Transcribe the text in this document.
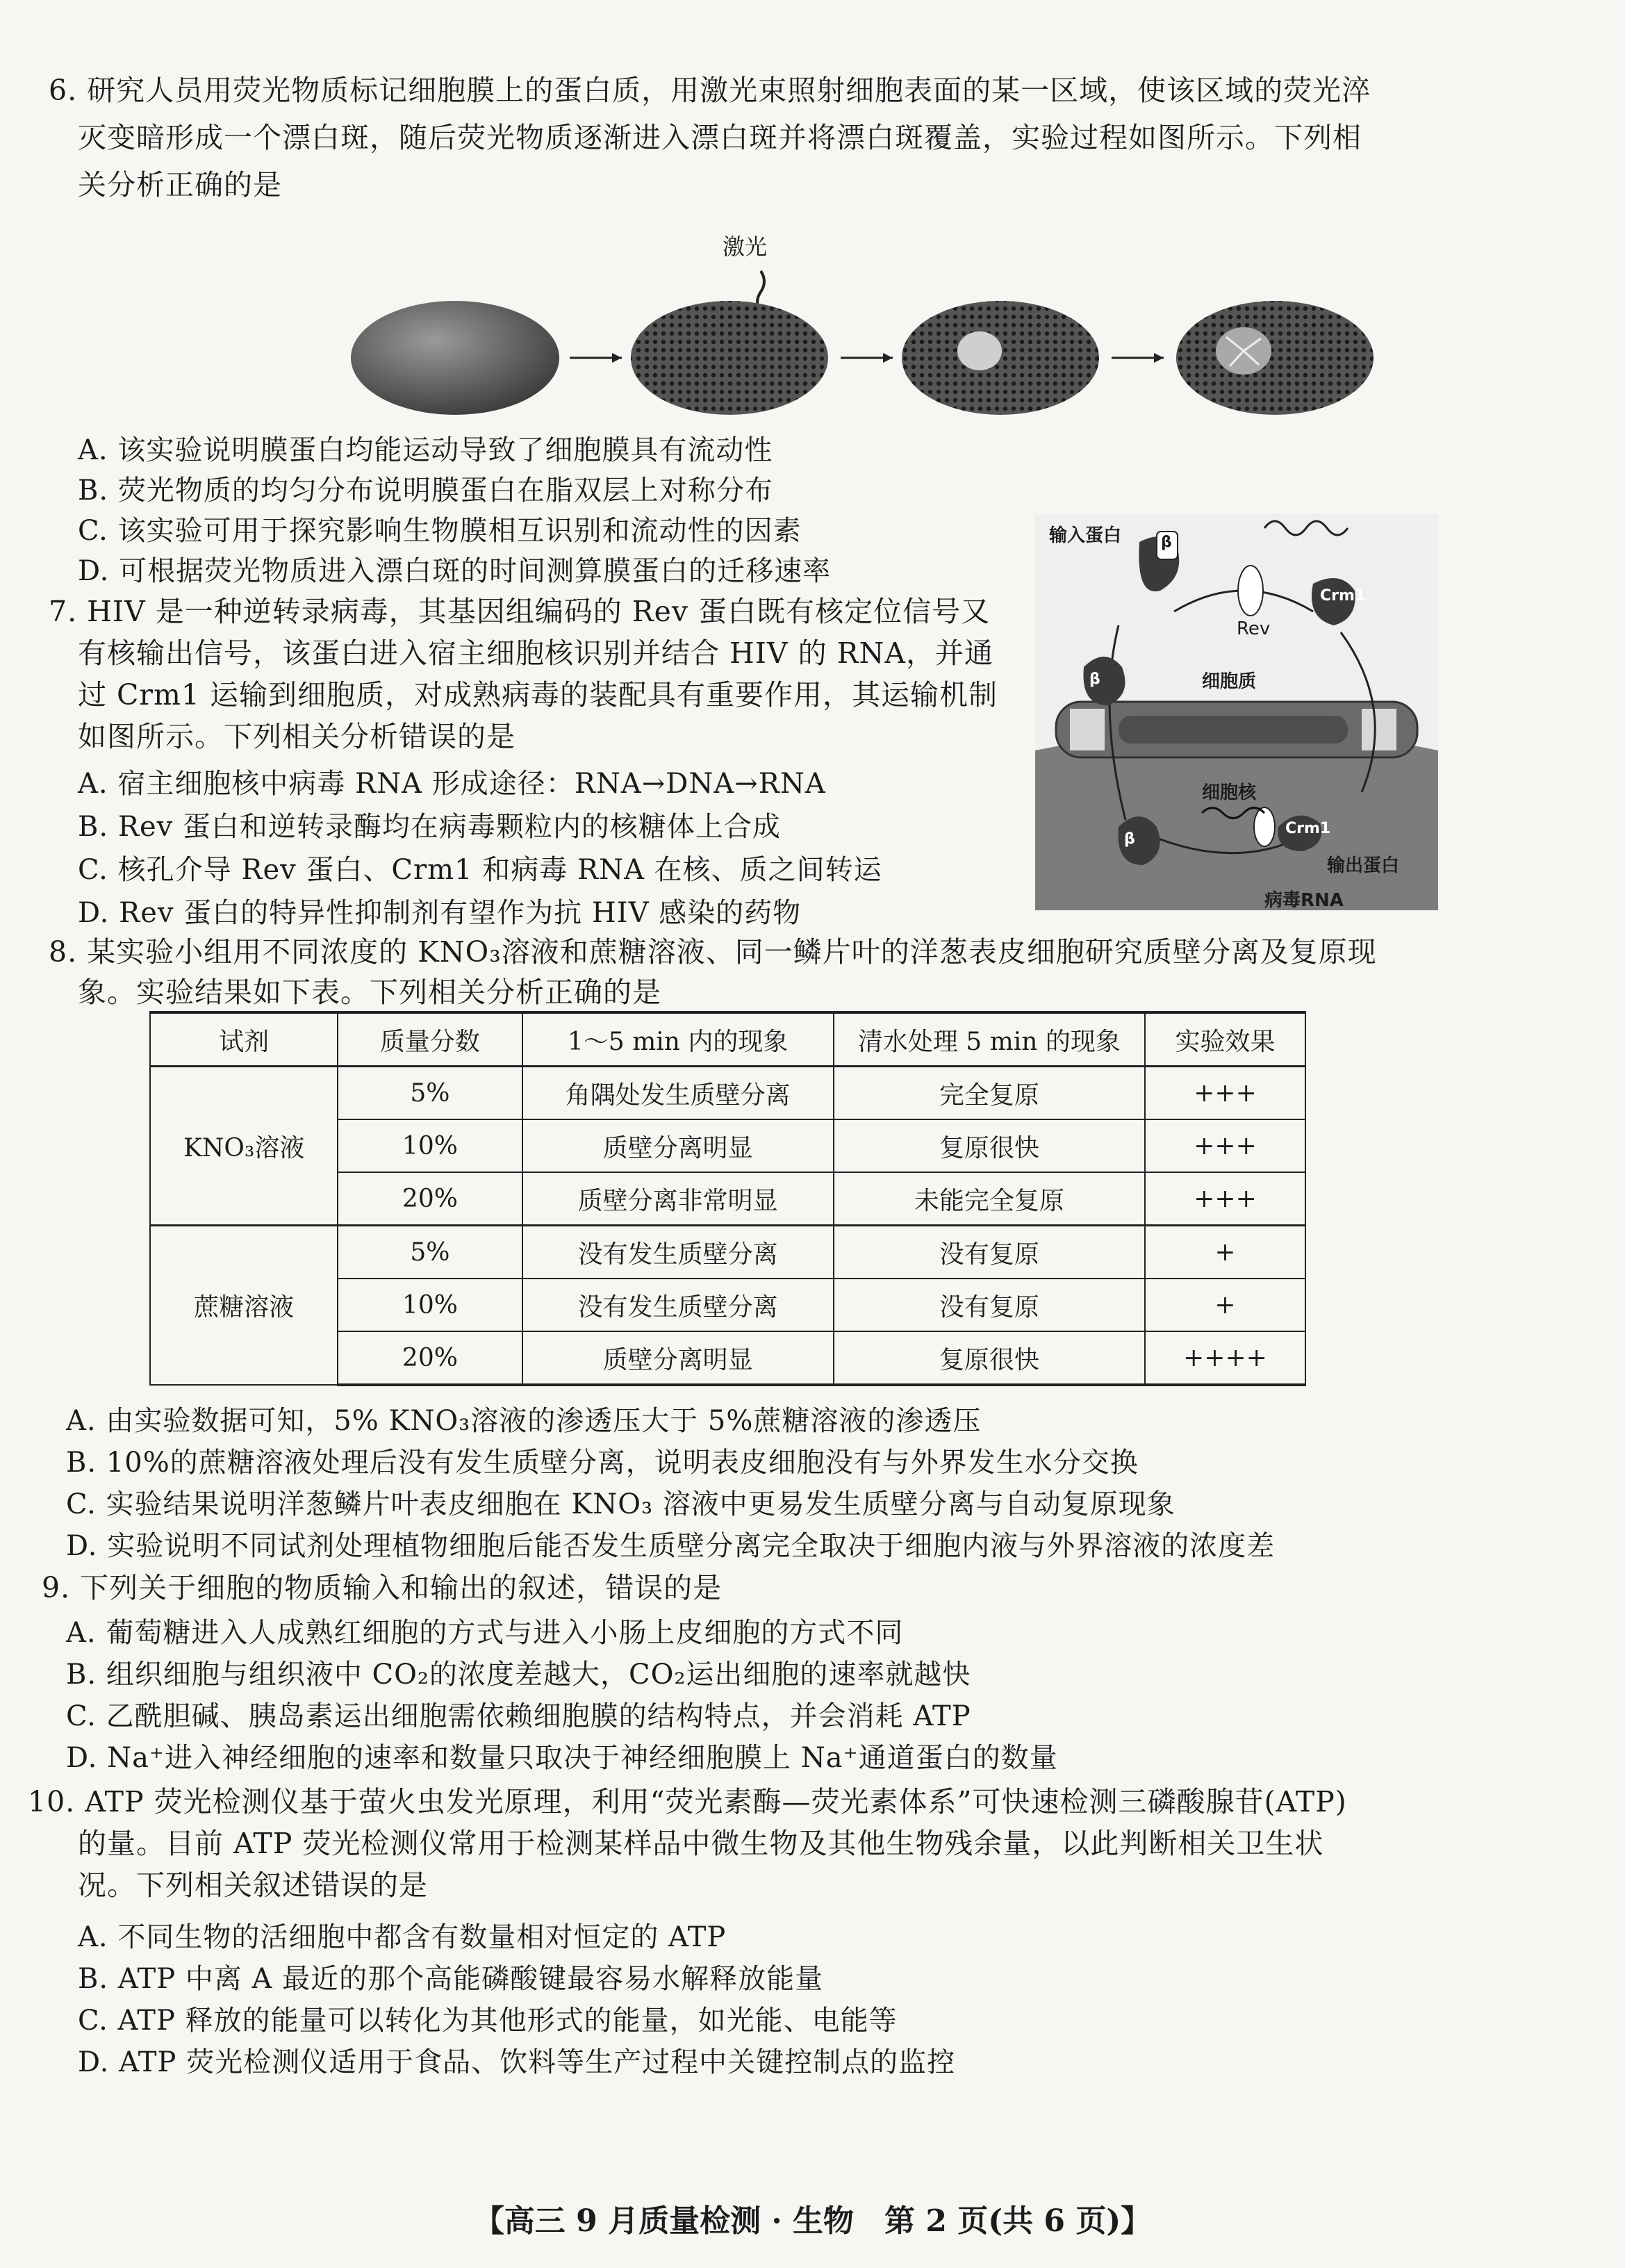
6. 研究人员用荧光物质标记细胞膜上的蛋白质，用激光束照射细胞表面的某一区域，使该区域的荧光淬
灭变暗形成一个漂白斑，随后荧光物质逐渐进入漂白斑并将漂白斑覆盖，实验过程如图所示。下列相
关分析正确的是
激光
A. 该实验说明膜蛋白均能运动导致了细胞膜具有流动性
B. 荧光物质的均匀分布说明膜蛋白在脂双层上对称分布
C. 该实验可用于探究影响生物膜相互识别和流动性的因素
D. 可根据荧光物质进入漂白斑的时间测算膜蛋白的迁移速率
7. HIV 是一种逆转录病毒，其基因组编码的 Rev 蛋白既有核定位信号又
有核输出信号，该蛋白进入宿主细胞核识别并结合 HIV 的 RNA，并通
过 Crm1 运输到细胞质，对成熟病毒的装配具有重要作用，其运输机制
如图所示。下列相关分析错误的是
A. 宿主细胞核中病毒 RNA 形成途径：RNA→DNA→RNA
B. Rev 蛋白和逆转录酶均在病毒颗粒内的核糖体上合成
C. 核孔介导 Rev 蛋白、Crm1 和病毒 RNA 在核、质之间转运
D. Rev 蛋白的特异性抑制剂有望作为抗 HIV 感染的药物
输入蛋白	β
β
β
Rev
Crm1
细胞质
细胞核
Crm1
输出蛋白
病毒RNA
8. 某实验小组用不同浓度的 KNO₃溶液和蔗糖溶液、同一鳞片叶的洋葱表皮细胞研究质壁分离及复原现
象。实验结果如下表。下列相关分析正确的是
试剂	质量分数	1～5 min 内的现象	清水处理 5 min 的现象	实验效果
KNO₃溶液	5%	角隅处发生质壁分离	完全复原	+++
	10%	质壁分离明显	复原很快	+++
	20%	质壁分离非常明显	未能完全复原	+++
蔗糖溶液	5%	没有发生质壁分离	没有复原	+
	10%	没有发生质壁分离	没有复原	+
	20%	质壁分离明显	复原很快	++++
A. 由实验数据可知，5% KNO₃溶液的渗透压大于 5%蔗糖溶液的渗透压
B. 10%的蔗糖溶液处理后没有发生质壁分离，说明表皮细胞没有与外界发生水分交换
C. 实验结果说明洋葱鳞片叶表皮细胞在 KNO₃ 溶液中更易发生质壁分离与自动复原现象
D. 实验说明不同试剂处理植物细胞后能否发生质壁分离完全取决于细胞内液与外界溶液的浓度差
9. 下列关于细胞的物质输入和输出的叙述，错误的是
A. 葡萄糖进入人成熟红细胞的方式与进入小肠上皮细胞的方式不同
B. 组织细胞与组织液中 CO₂的浓度差越大，CO₂运出细胞的速率就越快
C. 乙酰胆碱、胰岛素运出细胞需依赖细胞膜的结构特点，并会消耗 ATP
D. Na⁺进入神经细胞的速率和数量只取决于神经细胞膜上 Na⁺通道蛋白的数量
10. ATP 荧光检测仪基于萤火虫发光原理，利用“荧光素酶—荧光素体系”可快速检测三磷酸腺苷(ATP)
的量。目前 ATP 荧光检测仪常用于检测某样品中微生物及其他生物残余量，以此判断相关卫生状
况。下列相关叙述错误的是
A. 不同生物的活细胞中都含有数量相对恒定的 ATP
B. ATP 中离 A 最近的那个高能磷酸键最容易水解释放能量
C. ATP 释放的能量可以转化为其他形式的能量，如光能、电能等
D. ATP 荧光检测仪适用于食品、饮料等生产过程中关键控制点的监控
【高三 9 月质量检测 · 生物　第 2 页(共 6 页)】
